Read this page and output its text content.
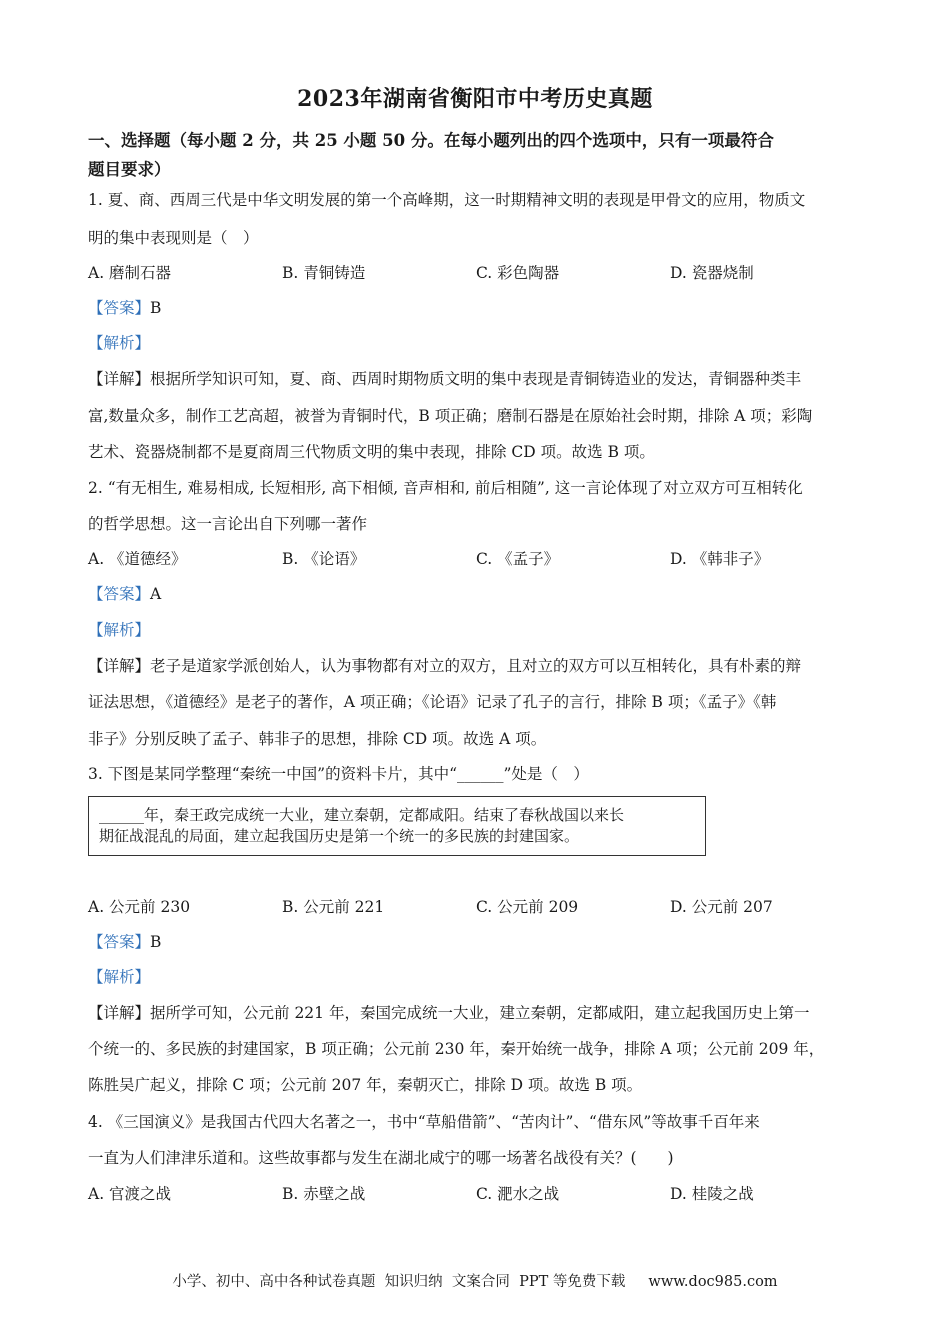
2023年湖南省衡阳市中考历史真题
一、选择题（每小题 2 分，共 25 小题 50 分。在每小题列出的四个选项中，只有一项最符合
题目要求）
1. 夏、商、西周三代是中华文明发展的第一个高峰期，这一时期精神文明的表现是甲骨文的应用，物质文
明的集中表现则是（　）
A. 磨制石器	B. 青铜铸造	C. 彩色陶器	D. 瓷器烧制
【答案】B
【解析】
【详解】根据所学知识可知，夏、商、西周时期物质文明的集中表现是青铜铸造业的发达，青铜器种类丰
富,数量众多，制作工艺高超，被誉为青铜时代，B 项正确；磨制石器是在原始社会时期，排除 A 项；彩陶
艺术、瓷器烧制都不是夏商周三代物质文明的集中表现，排除 CD 项。故选 B 项。
2. “有无相生, 难易相成, 长短相形, 高下相倾, 音声相和, 前后相随”, 这一言论体现了对立双方可互相转化
的哲学思想。这一言论出自下列哪一著作
A. 《道德经》	B. 《论语》	C. 《孟子》	D. 《韩非子》
【答案】A
【解析】
【详解】老子是道家学派创始人，认为事物都有对立的双方，且对立的双方可以互相转化，具有朴素的辩
证法思想，《道德经》是老子的著作，A 项正确；《论语》记录了孔子的言行，排除 B 项；《孟子》《韩
非子》分别反映了孟子、韩非子的思想，排除 CD 项。故选 A 项。
3. 下图是某同学整理“秦统一中国”的资料卡片，其中“______”处是（　）
______年，秦王政完成统一大业，建立秦朝，定都咸阳。结束了春秋战国以来长
期征战混乱的局面，建立起我国历史是第一个统一的多民族的封建国家。
A. 公元前 230	B. 公元前 221	C. 公元前 209	D. 公元前 207
【答案】B
【解析】
【详解】据所学可知，公元前 221 年，秦国完成统一大业，建立秦朝，定都咸阳，建立起我国历史上第一
个统一的、多民族的封建国家，B 项正确；公元前 230 年，秦开始统一战争，排除 A 项；公元前 209 年，
陈胜吴广起义，排除 C 项；公元前 207 年，秦朝灭亡，排除 D 项。故选 B 项。
4. 《三国演义》是我国古代四大名著之一，书中“草船借箭”、“苦肉计”、“借东风”等故事千百年来
一直为人们津津乐道和。这些故事都与发生在湖北咸宁的哪一场著名战役有关？(　　)
A. 官渡之战	B. 赤壁之战	C. 淝水之战	D. 桂陵之战
小学、初中、高中各种试卷真题  知识归纳  文案合同  PPT 等免费下载     www.doc985.com
